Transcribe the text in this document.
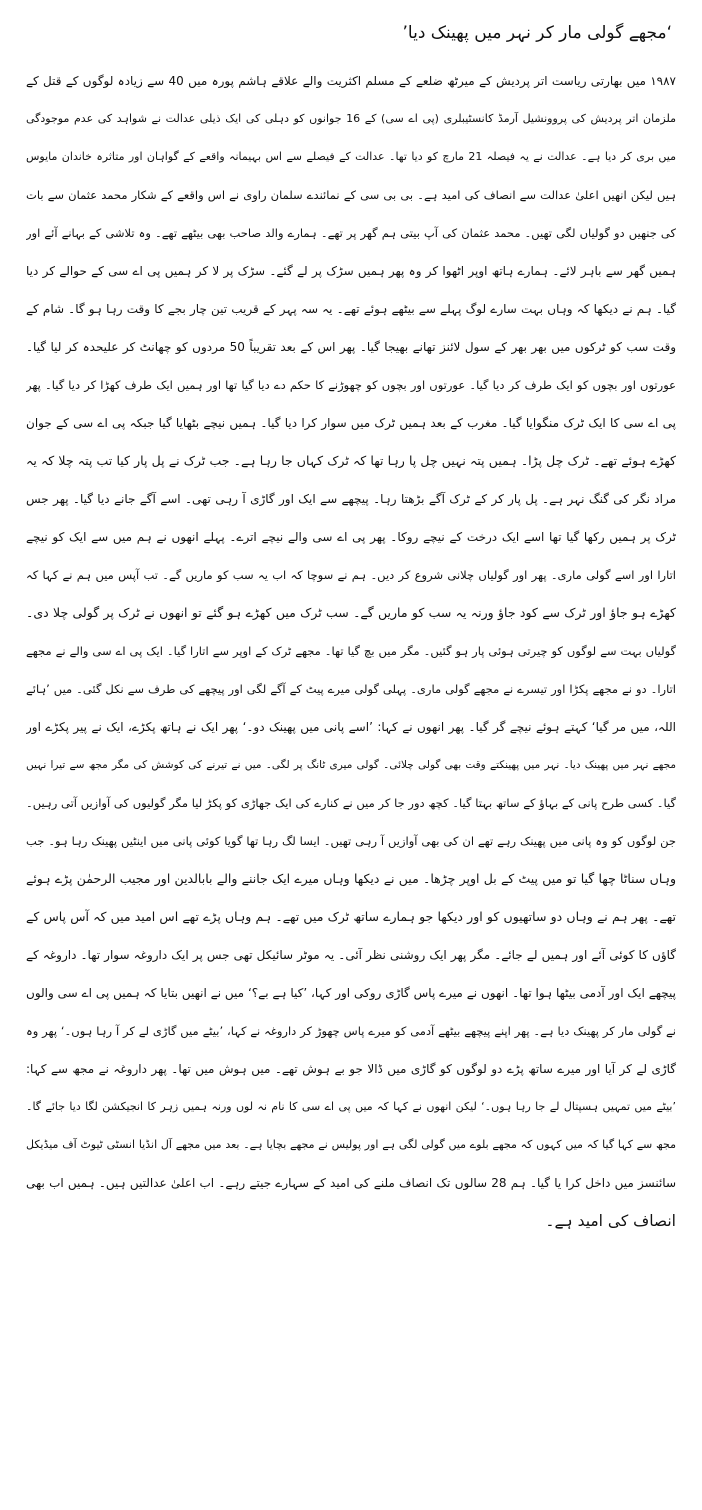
‘مجھے گولی مار کر نہر میں پھینک دیا’
۱۹۸۷ میں بھارتی ریاست اتر پردیش کے میرٹھ ضلعے کے مسلم اکثریت والے علاقے ہاشم پورہ میں 40 سے زیادہ لوگوں کے قتل کے
ملزمان اتر پردیش کی پروونشیل آرمڈ کانسٹیبلری (پی اے سی) کے 16 جوانوں کو دہلی کی ایک ذیلی عدالت نے شواہد کی عدم موجودگی
میں بری کر دیا ہے۔ عدالت نے یہ فیصلہ 21 مارچ کو دیا تھا۔ عدالت کے فیصلے سے اس بہیمانہ واقعے کے گواہان اور متاثرہ خاندان مایوس
ہیں لیکن انھیں اعلیٰ عدالت سے انصاف کی امید ہے۔ بی بی سی کے نمائندے سلمان راوی نے اس واقعے کے شکار محمد عثمان سے بات
کی جنھیں دو گولیاں لگی تھیں۔ محمد عثمان کی آپ بیتی ہم گھر پر تھے۔ ہمارے والد صاحب بھی بیٹھے تھے۔ وہ تلاشی کے بہانے آئے اور
ہمیں گھر سے باہر لائے۔ ہمارے ہاتھ اوپر اٹھوا کر وہ پھر ہمیں سڑک پر لے گئے۔ سڑک پر لا کر ہمیں پی اے سی کے حوالے کر دیا
گیا۔ ہم نے دیکھا کہ وہاں بہت سارے لوگ پہلے سے بیٹھے ہوئے تھے۔ یہ سہ پہر کے قریب تین چار بجے کا وقت رہا ہو گا۔ شام کے
وقت سب کو ٹرکوں میں بھر بھر کے سول لائنز تھانے بھیجا گیا۔ پھر اس کے بعد تقریباً 50 مردوں کو چھانٹ کر علیحدہ کر لیا گیا۔
عورتوں اور بچوں کو ایک طرف کر دیا گیا۔ عورتوں اور بچوں کو چھوڑنے کا حکم دے دیا گیا تھا اور ہمیں ایک طرف کھڑا کر دیا گیا۔ پھر
پی اے سی کا ایک ٹرک منگوایا گیا۔ مغرب کے بعد ہمیں ٹرک میں سوار کرا دیا گیا۔ ہمیں نیچے بٹھایا گیا جبکہ پی اے سی کے جوان
کھڑے ہوئے تھے۔ ٹرک چل پڑا۔ ہمیں پتہ نہیں چل پا رہا تھا کہ ٹرک کہاں جا رہا ہے۔ جب ٹرک نے پل پار کیا تب پتہ چلا کہ یہ
مراد نگر کی گنگ نہر ہے۔ پل پار کر کے ٹرک آگے بڑھتا رہا۔ پیچھے سے ایک اور گاڑی آ رہی تھی۔ اسے آگے جانے دیا گیا۔ پھر جس
ٹرک پر ہمیں رکھا گیا تھا اسے ایک درخت کے نیچے روکا۔ پھر پی اے سی والے نیچے اترے۔ پہلے انھوں نے ہم میں سے ایک کو نیچے
اتارا اور اسے گولی ماری۔ پھر اور گولیاں چلانی شروع کر دیں۔ ہم نے سوچا کہ اب یہ سب کو ماریں گے۔ تب آپس میں ہم نے کہا کہ
کھڑے ہو جاؤ اور ٹرک سے کود جاؤ ورنہ یہ سب کو ماریں گے۔ سب ٹرک میں کھڑے ہو گئے تو انھوں نے ٹرک پر گولی چلا دی۔
گولیاں بہت سے لوگوں کو چیرتی ہوئی پار ہو گئیں۔ مگر میں بچ گیا تھا۔ مجھے ٹرک کے اوپر سے اتارا گیا۔ ایک پی اے سی والے نے مجھے
اتارا۔ دو نے مجھے پکڑا اور تیسرے نے مجھے گولی ماری۔ پہلی گولی میرے پیٹ کے آگے لگی اور پیچھے کی طرف سے نکل گئی۔ میں ’ہائے
اللہ، میں مر گیا‘ کہتے ہوئے نیچے گر گیا۔ پھر انھوں نے کہا: ’اسے پانی میں پھینک دو۔‘ پھر ایک نے ہاتھ پکڑے، ایک نے پیر پکڑے اور
مجھے نہر میں پھینک دیا۔ نہر میں پھینکتے وقت بھی گولی چلائی۔ گولی میری ٹانگ پر لگی۔ میں نے تیرنے کی کوشش کی مگر مجھ سے تیرا نہیں
گیا۔ کسی طرح پانی کے بہاؤ کے ساتھ بہتا گیا۔ کچھ دور جا کر میں نے کنارے کی ایک جھاڑی کو پکڑ لیا مگر گولیوں کی آوازیں آتی رہیں۔
جن لوگوں کو وہ پانی میں پھینک رہے تھے ان کی بھی آوازیں آ رہی تھیں۔ ایسا لگ رہا تھا گویا کوئی پانی میں اینٹیں پھینک رہا ہو۔ جب
وہاں سناٹا چھا گیا تو میں پیٹ کے بل اوپر چڑھا۔ میں نے دیکھا وہاں میرے ایک جاننے والے بابالدین اور مجیب الرحمٰن پڑے ہوئے
تھے۔ پھر ہم نے وہاں دو ساتھیوں کو اور دیکھا جو ہمارے ساتھ ٹرک میں تھے۔ ہم وہاں پڑے تھے اس امید میں کہ آس پاس کے
گاؤں کا کوئی آئے اور ہمیں لے جائے۔ مگر پھر ایک روشنی نظر آئی۔ یہ موٹر سائیکل تھی جس پر ایک داروغہ سوار تھا۔ داروغہ کے
پیچھے ایک اور آدمی بیٹھا ہوا تھا۔ انھوں نے میرے پاس گاڑی روکی اور کہا، ’کیا ہے بے؟‘ میں نے انھیں بتایا کہ ہمیں پی اے سی والوں
نے گولی مار کر پھینک دیا ہے۔ پھر اپنے پیچھے بیٹھے آدمی کو میرے پاس چھوڑ کر داروغہ نے کہا، ’بیٹے میں گاڑی لے کر آ رہا ہوں۔‘ پھر وہ
گاڑی لے کر آیا اور میرے ساتھ پڑے دو لوگوں کو گاڑی میں ڈالا جو بے ہوش تھے۔ میں ہوش میں تھا۔ پھر داروغہ نے مجھ سے کہا:
’بیٹے میں تمہیں ہسپتال لے جا رہا ہوں۔‘ لیکن انھوں نے کہا کہ میں پی اے سی کا نام نہ لوں ورنہ ہمیں زہر کا انجیکشن لگا دیا جائے گا۔
مجھ سے کہا گیا کہ میں کہوں کہ مجھے بلوے میں گولی لگی ہے اور پولیس نے مجھے بچایا ہے۔ بعد میں مجھے آل انڈیا انسٹی ٹیوٹ آف میڈیکل
سائنسز میں داخل کرا یا گیا۔ ہم 28 سالوں تک انصاف ملنے کی امید کے سہارے جیتے رہے۔ اب اعلیٰ عدالتیں ہیں۔ ہمیں اب بھی
انصاف کی امید ہے۔
